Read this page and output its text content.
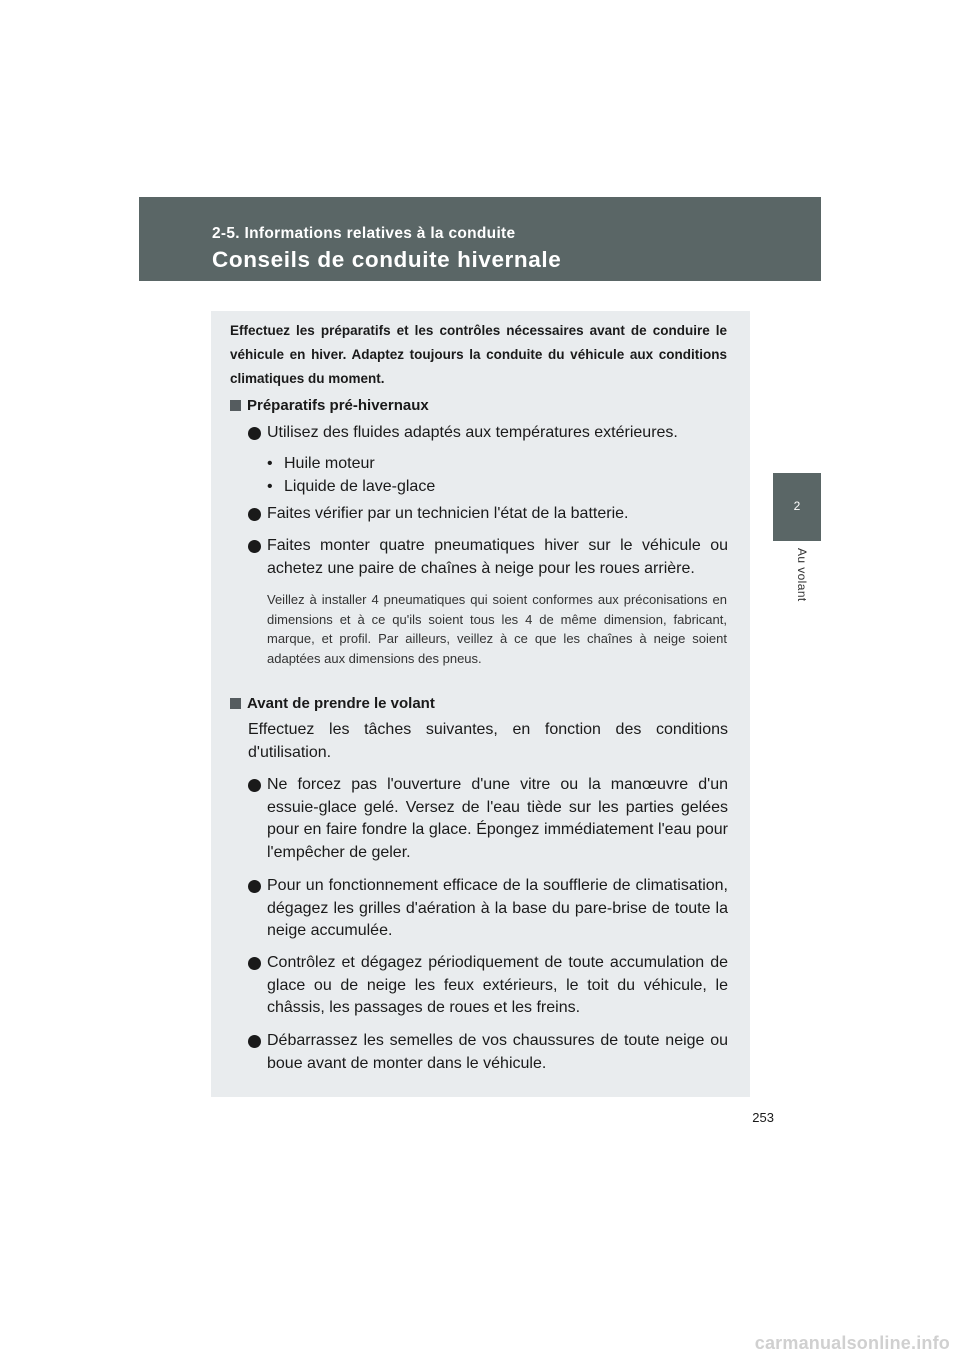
2-5. Informations relatives à la conduite
Conseils de conduite hivernale
2
Au volant

Effectuez les préparatifs et les contrôles nécessaires avant de conduire le véhicule en hiver. Adaptez toujours la conduite du véhicule aux conditions climatiques du moment.

Préparatifs pré-hivernaux

Utilisez des fluides adaptés aux températures extérieures.

• Huile moteur

• Liquide de lave-glace

Faites vérifier par un technicien l'état de la batterie.

Faites monter quatre pneumatiques hiver sur le véhicule ou achetez une paire de chaînes à neige pour les roues arrière.

Veillez à installer 4 pneumatiques qui soient conformes aux préconisations en dimensions et à ce qu'ils soient tous les 4 de même dimension, fabricant, marque, et profil. Par ailleurs, veillez à ce que les chaînes à neige soient adaptées aux dimensions des pneus.

Avant de prendre le volant

Effectuez les tâches suivantes, en fonction des conditions d'utilisation.

Ne forcez pas l'ouverture d'une vitre ou la manœuvre d'un essuie-glace gelé. Versez de l'eau tiède sur les parties gelées pour en faire fondre la glace. Épongez immédiatement l'eau pour l'empêcher de geler.

Pour un fonctionnement efficace de la soufflerie de climatisation, dégagez les grilles d'aération à la base du pare-brise de toute la neige accumulée.

Contrôlez et dégagez périodiquement de toute accumulation de glace ou de neige les feux extérieurs, le toit du véhicule, le châssis, les passages de roues et les freins.

Débarrassez les semelles de vos chaussures de toute neige ou boue avant de monter dans le véhicule.

253
carmanualsonline.info
